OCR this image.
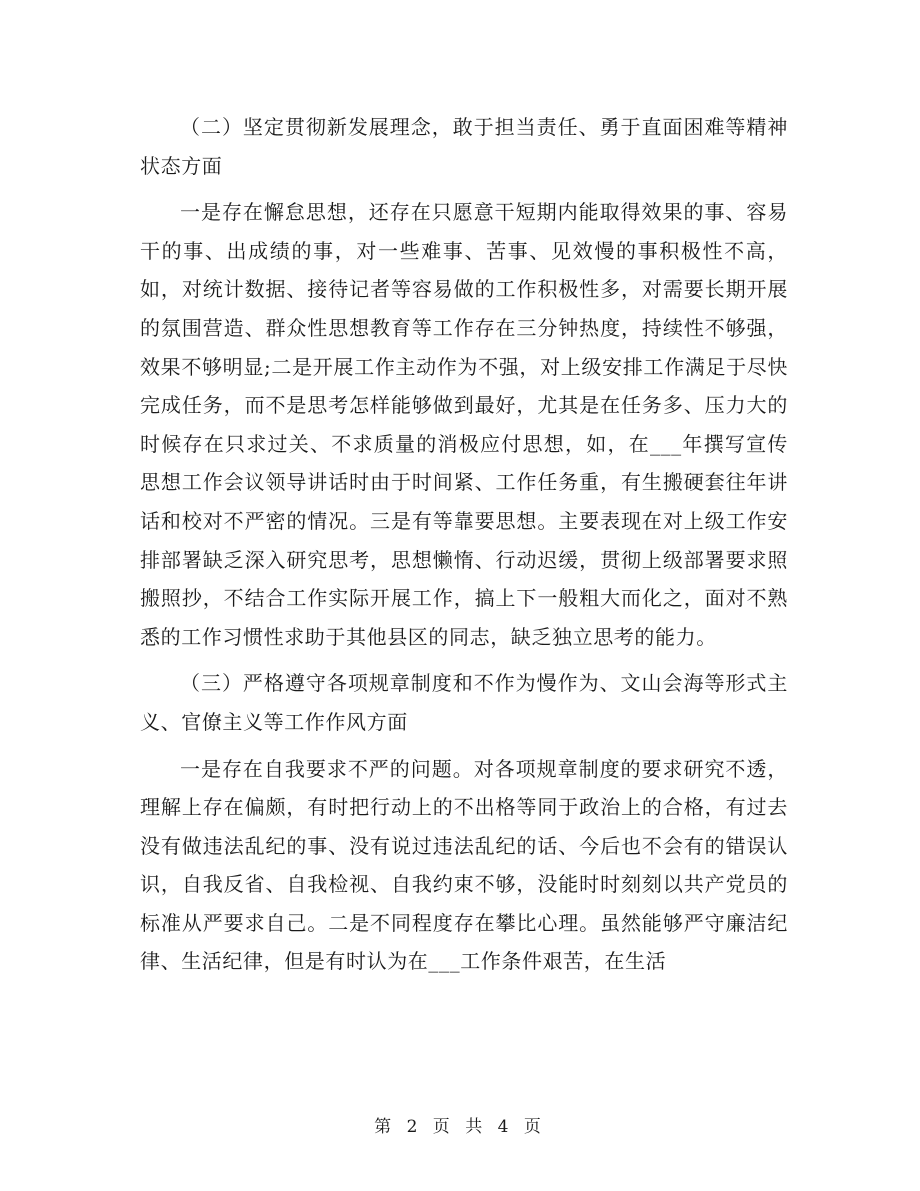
（二）坚定贯彻新发展理念，敢于担当责任、勇于直面困难等精神状态方面

一是存在懈怠思想，还存在只愿意干短期内能取得效果的事、容易干的事、出成绩的事，对一些难事、苦事、见效慢的事积极性不高，如，对统计数据、接待记者等容易做的工作积极性多，对需要长期开展的氛围营造、群众性思想教育等工作存在三分钟热度，持续性不够强，效果不够明显;二是开展工作主动作为不强，对上级安排工作满足于尽快完成任务，而不是思考怎样能够做到最好，尤其是在任务多、压力大的时候存在只求过关、不求质量的消极应付思想，如，在___年撰写宣传思想工作会议领导讲话时由于时间紧、工作任务重，有生搬硬套往年讲话和校对不严密的情况。三是有等靠要思想。主要表现在对上级工作安排部署缺乏深入研究思考，思想懒惰、行动迟缓，贯彻上级部署要求照搬照抄，不结合工作实际开展工作，搞上下一般粗大而化之，面对不熟悉的工作习惯性求助于其他县区的同志，缺乏独立思考的能力。

（三）严格遵守各项规章制度和不作为慢作为、文山会海等形式主义、官僚主义等工作作风方面

一是存在自我要求不严的问题。对各项规章制度的要求研究不透，理解上存在偏颇，有时把行动上的不出格等同于政治上的合格，有过去没有做违法乱纪的事、没有说过违法乱纪的话、今后也不会有的错误认识，自我反省、自我检视、自我约束不够，没能时时刻刻以共产党员的标准从严要求自己。二是不同程度存在攀比心理。虽然能够严守廉洁纪律、生活纪律，但是有时认为在___工作条件艰苦，在生活

第 2 页 共 4 页
